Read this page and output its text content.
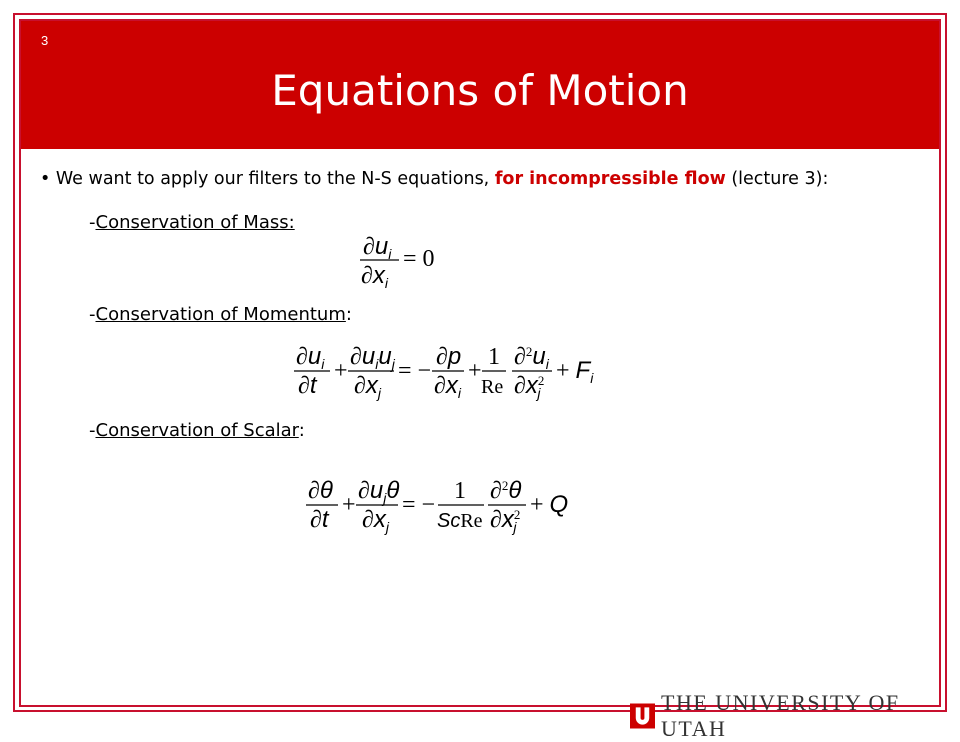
3
Equations of Motion
• We want to apply our filters to the N-S equations, for incompressible flow (lecture 3):
-Conservation of Mass:
$\partial u_i$
$\partial x_i$
= 0
-Conservation of Momentum:
$\partial u_i$
∂t
+
$\partial u_iu_j$
$\partial x_j$
= −
∂p
$\partial x_i$
+
1
Re
$\partial^2u_i$
$\partial x^2$ j
+ $F_i$
-Conservation of Scalar:
∂θ
∂t
+
$\partial u_j\theta$
$\partial x_j$
= −
1
ScRe
∂$^2$θ
$\partial x^2$ j
+ Q
THE UNIVERSITY OF UTAH
